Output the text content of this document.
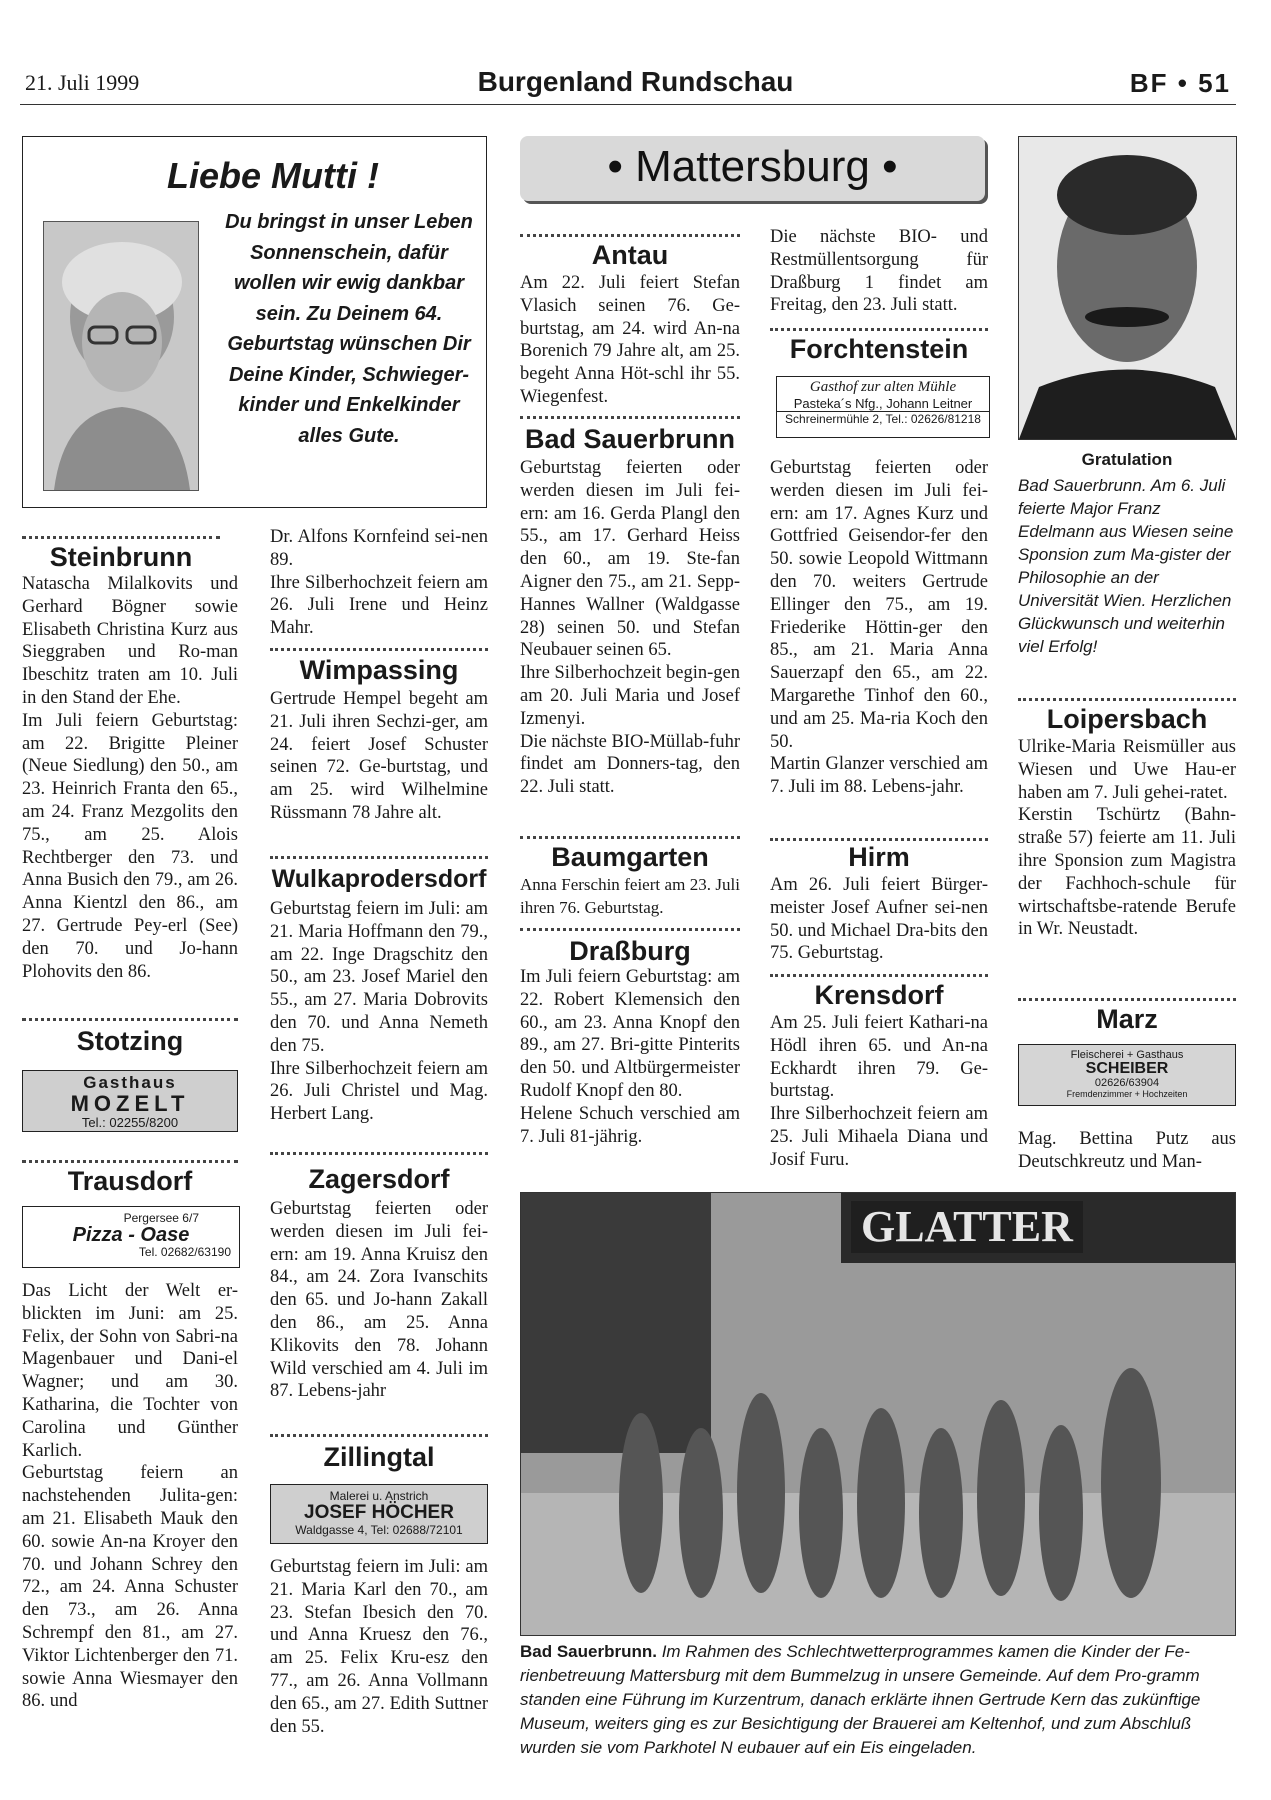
21. Juli 1999	Burgenland Rundschau	BF • 51
Liebe Mutti !
Du bringst in unser Leben Sonnenschein, dafür wollen wir ewig dankbar sein. Zu Deinem 64. Geburtstag wünschen Dir Deine Kinder, Schwieger-kinder und Enkelkinder alles Gute.
• Mattersburg •
Steinbrunn

Natascha Milalkovits und Gerhard Bögner sowie Elisabeth Christina Kurz aus Sieggraben und Ro-man Ibeschitz traten am 10. Juli in den Stand der Ehe.

Im Juli feiern Geburtstag: am 22. Brigitte Pleiner (Neue Siedlung) den 50., am 23. Heinrich Franta den 65., am 24. Franz Mezgolits den 75., am 25. Alois Rechtberger den 73. und Anna Busich den 79., am 26. Anna Kientzl den 86., am 27. Gertrude Pey-erl (See) den 70. und Jo-hann Plohovits den 86.

Stotzing
Gasthaus
MOZELT
Tel.: 02255/8200
Trausdorf
Pergersee 6/7
Pizza - Oase
Tel. 02682/63190

Das Licht der Welt er-blickten im Juni: am 25. Felix, der Sohn von Sabri-na Magenbauer und Dani-el Wagner; und am 30. Katharina, die Tochter von Carolina und Günther Karlich.

Geburtstag feiern an nachstehenden Julita-gen: am 21. Elisabeth Mauk den 60. sowie An-na Kroyer den 70. und Johann Schrey den 72., am 24. Anna Schuster den 73., am 26. Anna Schrempf den 81., am 27. Viktor Lichtenberger den 71. sowie Anna Wiesmayer den 86. und

Dr. Alfons Kornfeind sei-nen 89.

Ihre Silberhochzeit feiern am 26. Juli Irene und Heinz Mahr.

Wimpassing

Gertrude Hempel begeht am 21. Juli ihren Sechzi-ger, am 24. feiert Josef Schuster seinen 72. Ge-burtstag, und am 25. wird Wilhelmine Rüssmann 78 Jahre alt.

Wulkaprodersdorf

Geburtstag feiern im Juli: am 21. Maria Hoffmann den 79., am 22. Inge Dragschitz den 50., am 23. Josef Mariel den 55., am 27. Maria Dobrovits den 70. und Anna Nemeth den 75.

Ihre Silberhochzeit feiern am 26. Juli Christel und Mag. Herbert Lang.

Zagersdorf

Geburtstag feierten oder werden diesen im Juli fei-ern: am 19. Anna Kruisz den 84., am 24. Zora Ivanschits den 65. und Jo-hann Zakall den 86., am 25. Anna Klikovits den 78. Johann Wild verschied am 4. Juli im 87. Lebens-jahr

Zillingtal
Malerei u. Anstrich
JOSEF HÖCHER
Waldgasse 4, Tel: 02688/72101

Geburtstag feiern im Juli: am 21. Maria Karl den 70., am 23. Stefan Ibesich den 70. und Anna Kruesz den 76., am 25. Felix Kru-esz den 77., am 26. Anna Vollmann den 65., am 27. Edith Suttner den 55.

Antau

Am 22. Juli feiert Stefan Vlasich seinen 76. Ge-burtstag, am 24. wird An-na Borenich 79 Jahre alt, am 25. begeht Anna Höt-schl ihr 55. Wiegenfest.

Bad Sauerbrunn

Geburtstag feierten oder werden diesen im Juli fei-ern: am 16. Gerda Plangl den 55., am 17. Gerhard Heiss den 60., am 19. Ste-fan Aigner den 75., am 21. Sepp-Hannes Wallner (Waldgasse 28) seinen 50. und Stefan Neubauer seinen 65.

Ihre Silberhochzeit begin-gen am 20. Juli Maria und Josef Izmenyi.

Die nächste BIO-Müllab-fuhr findet am Donners-tag, den 22. Juli statt.

Baumgarten

Anna Ferschin feiert am 23. Juli ihren 76. Geburtstag.

Draßburg

Im Juli feiern Geburtstag: am 22. Robert Klemensich den 60., am 23. Anna Knopf den 89., am 27. Bri-gitte Pinterits den 50. und Altbürgermeister Rudolf Knopf den 80.

Helene Schuch verschied am 7. Juli 81-jährig.

Die nächste BIO- und Restmüllentsorgung für Draßburg 1 findet am Freitag, den 23. Juli statt.

Forchtenstein
Gasthof zur alten Mühle
Pasteka´s Nfg., Johann Leitner
Schreinermühle 2, Tel.: 02626/81218

Geburtstag feierten oder werden diesen im Juli fei-ern: am 17. Agnes Kurz und Gottfried Geisendor-fer den 50. sowie Leopold Wittmann den 70. weiters Gertrude Ellinger den 75., am 19. Friederike Höttin-ger den 85., am 21. Maria Anna Sauerzapf den 65., am 22. Margarethe Tinhof den 60., und am 25. Ma-ria Koch den 50.

Martin Glanzer verschied am 7. Juli im 88. Lebens-jahr.

Hirm

Am 26. Juli feiert Bürger-meister Josef Aufner sei-nen 50. und Michael Dra-bits den 75. Geburtstag.

Krensdorf

Am 25. Juli feiert Kathari-na Hödl ihren 65. und An-na Eckhardt ihren 79. Ge-burtstag.

Ihre Silberhochzeit feiern am 25. Juli Mihaela Diana und Josif Furu.

Gratulation
Bad Sauerbrunn. Am 6. Juli feierte Major Franz Edelmann aus Wiesen seine Sponsion zum Ma-gister der Philosophie an der Universität Wien. Herzlichen Glückwunsch und weiterhin viel Erfolg!
Loipersbach

Ulrike-Maria Reismüller aus Wiesen und Uwe Hau-er haben am 7. Juli gehei-ratet.

Kerstin Tschürtz (Bahn-straße 57) feierte am 11. Juli ihre Sponsion zum Magistra der Fachhoch-schule für wirtschaftsbe-ratende Berufe in Wr. Neustadt.

Marz
Fleischerei + Gasthaus
SCHEIBER
02626/63904
Fremdenzimmer + Hochzeiten

Mag. Bettina Putz aus Deutschkreutz und Man-

GLATTER
Bad Sauerbrunn. Im Rahmen des Schlechtwetterprogrammes kamen die Kinder der Fe-rienbetreuung Mattersburg mit dem Bummelzug in unsere Gemeinde. Auf dem Pro-gramm standen eine Führung im Kurzentrum, danach erklärte ihnen Gertrude Kern das zukünftige Museum, weiters ging es zur Besichtigung der Brauerei am Keltenhof, und zum Abschluß wurden sie vom Parkhotel N eubauer auf ein Eis eingeladen.
